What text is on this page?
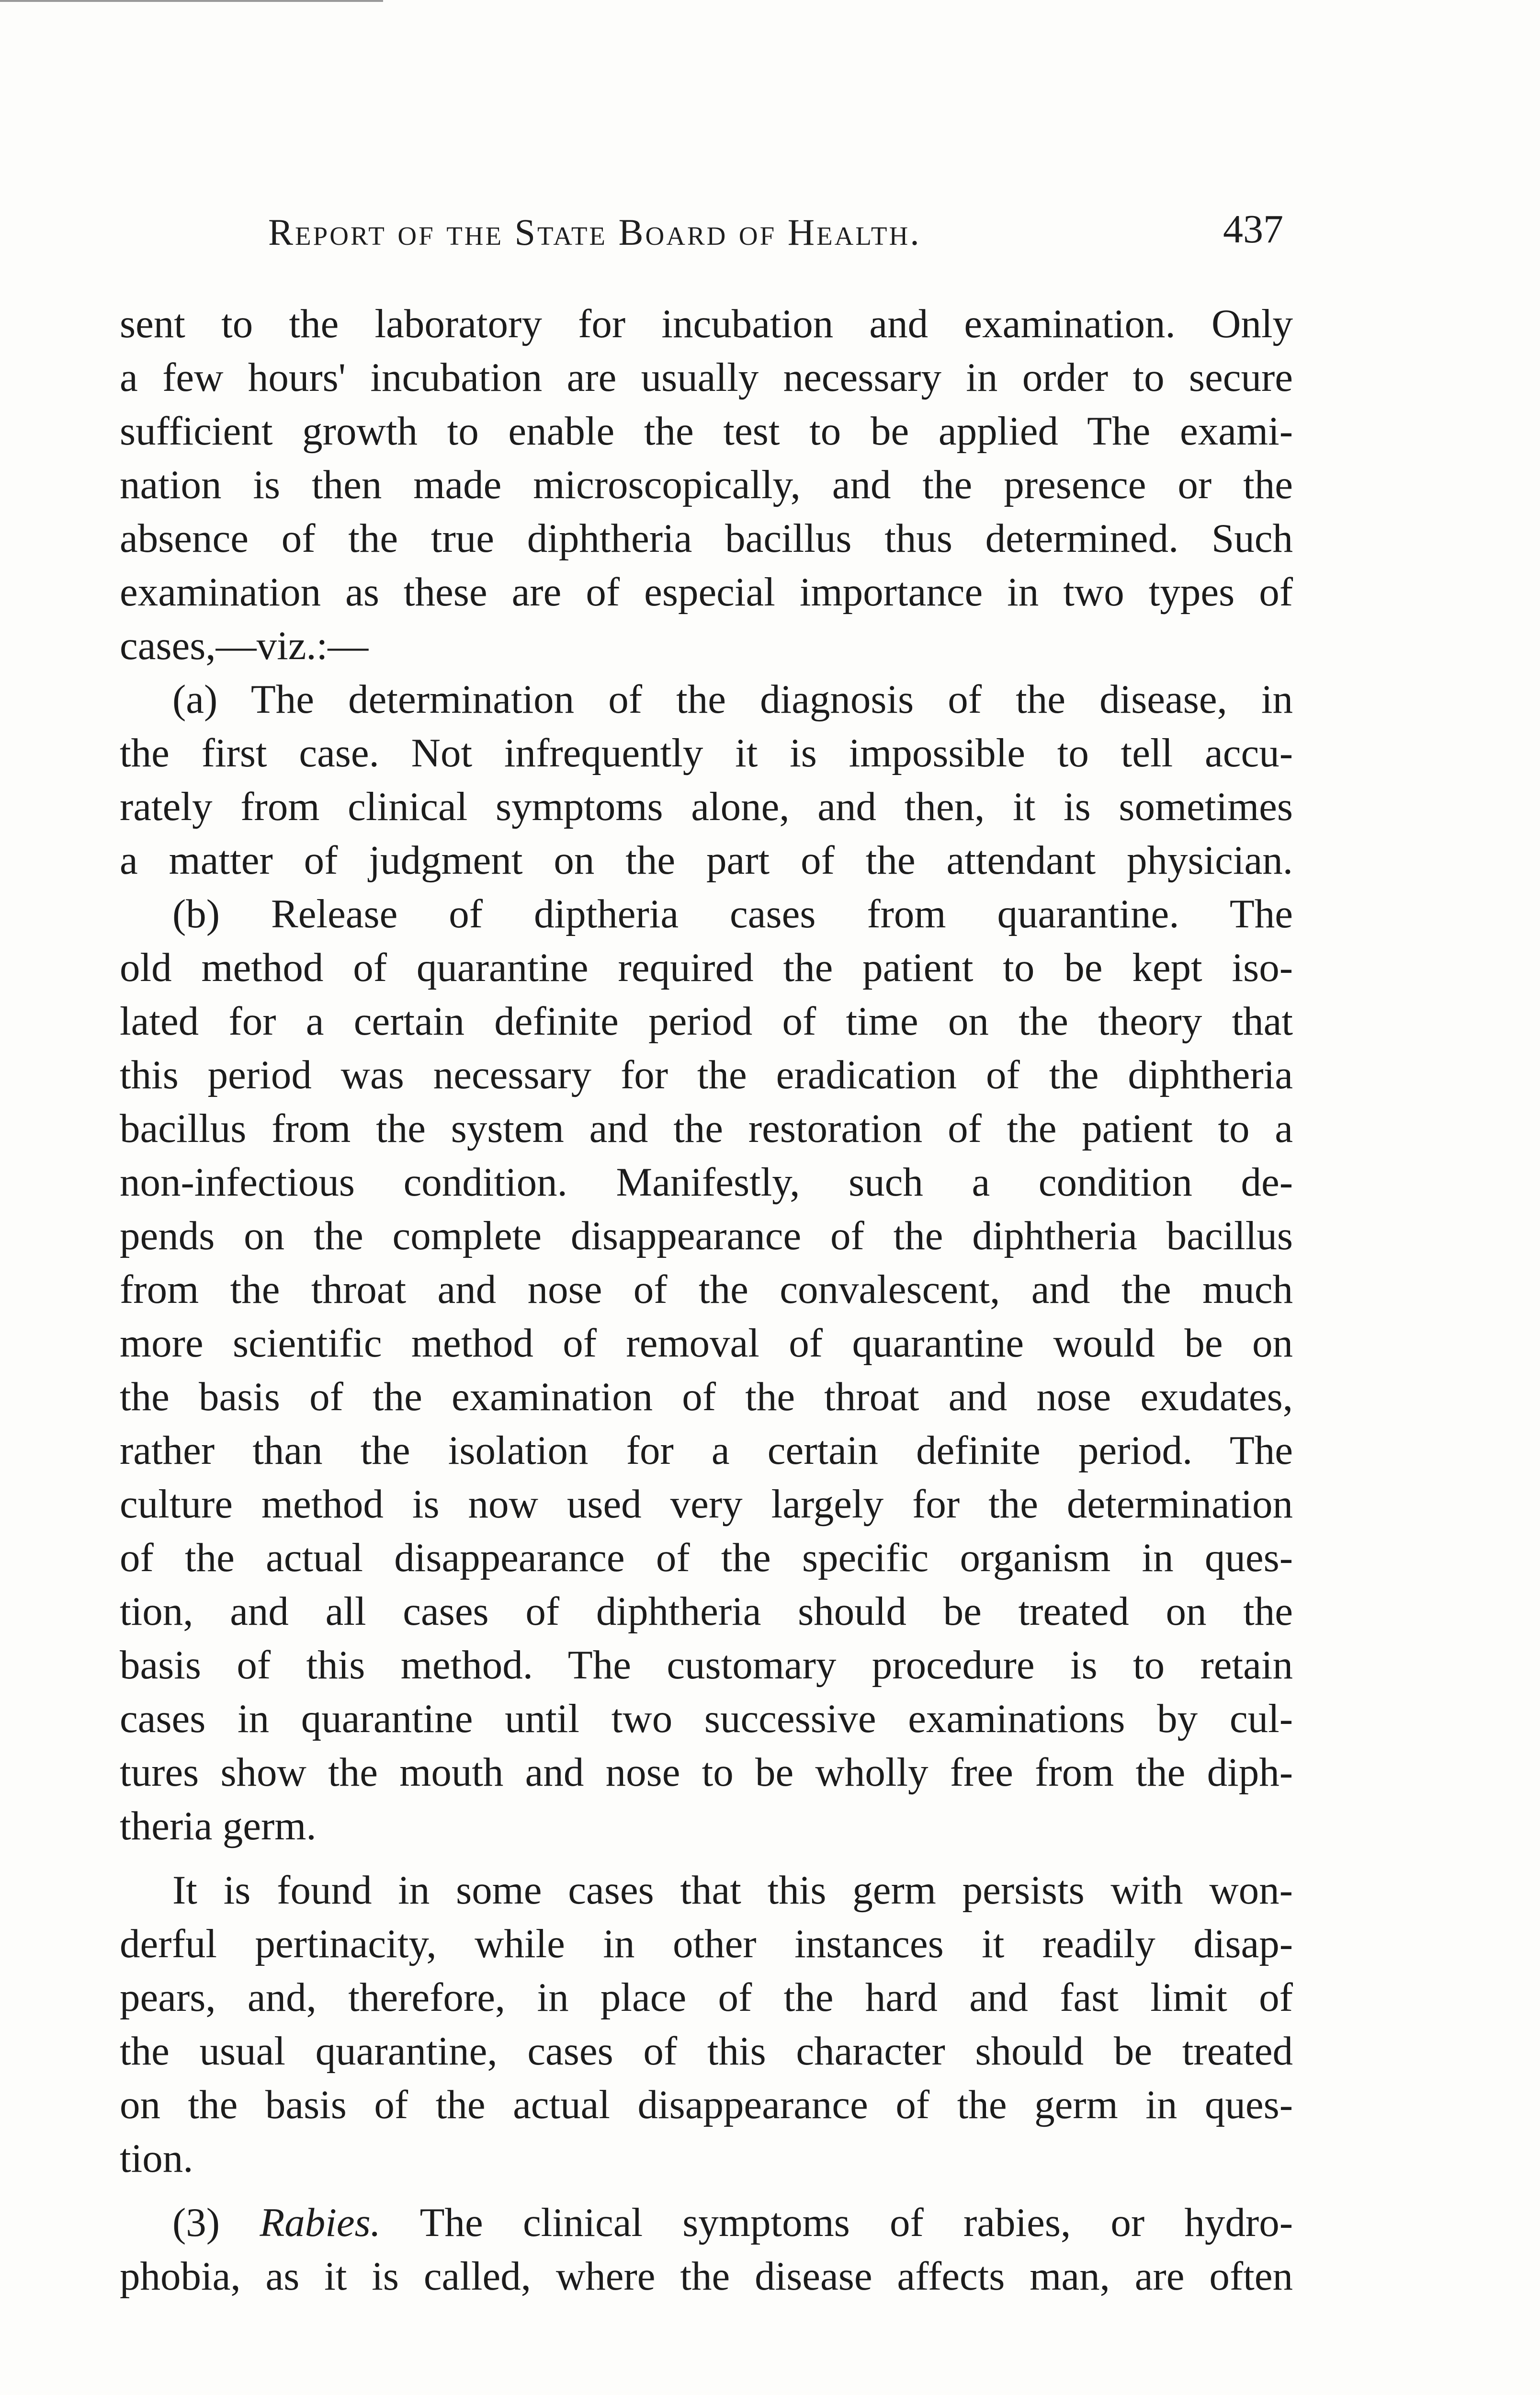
Report of the State Board of Health.	437
sent to the laboratory for incubation and examination. Only
a few hours' incubation are usually necessary in order to secure
sufficient growth to enable the test to be applied The exami-
nation is then made microscopically, and the presence or the
absence of the true diphtheria bacillus thus determined. Such
examination as these are of especial importance in two types of
cases,—viz.:—
(a) The determination of the diagnosis of the disease, in
the first case. Not infrequently it is impossible to tell accu-
rately from clinical symptoms alone, and then, it is sometimes
a matter of judgment on the part of the attendant physician.
(b) Release of diptheria cases from quarantine. The
old method of quarantine required the patient to be kept iso-
lated for a certain definite period of time on the theory that
this period was necessary for the eradication of the diphtheria
bacillus from the system and the restoration of the patient to a
non-infectious condition. Manifestly, such a condition de-
pends on the complete disappearance of the diphtheria bacillus
from the throat and nose of the convalescent, and the much
more scientific method of removal of quarantine would be on
the basis of the examination of the throat and nose exudates,
rather than the isolation for a certain definite period. The
culture method is now used very largely for the determination
of the actual disappearance of the specific organism in ques-
tion, and all cases of diphtheria should be treated on the
basis of this method. The customary procedure is to retain
cases in quarantine until two successive examinations by cul-
tures show the mouth and nose to be wholly free from the diph-
theria germ.
It is found in some cases that this germ persists with won-
derful pertinacity, while in other instances it readily disap-
pears, and, therefore, in place of the hard and fast limit of
the usual quarantine, cases of this character should be treated
on the basis of the actual disappearance of the germ in ques-
tion.
(3) Rabies. The clinical symptoms of rabies, or hydro-
phobia, as it is called, where the disease affects man, are often
